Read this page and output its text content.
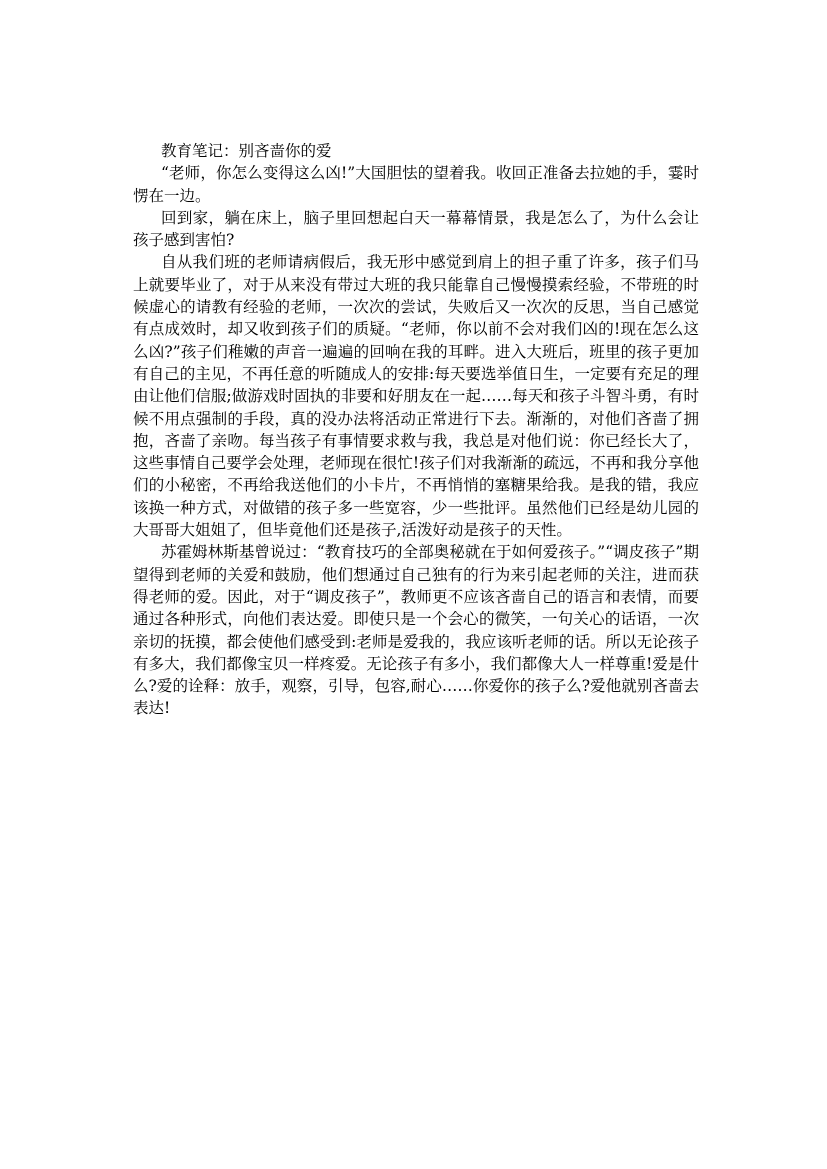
教育笔记：别吝啬你的爱

“老师，你怎么变得这么凶!”大国胆怯的望着我。收回正准备去拉她的手，霎时愣在一边。

回到家，躺在床上，脑子里回想起白天一幕幕情景，我是怎么了，为什么会让孩子感到害怕?

自从我们班的老师请病假后，我无形中感觉到肩上的担子重了许多，孩子们马上就要毕业了，对于从来没有带过大班的我只能靠自己慢慢摸索经验，不带班的时候虚心的请教有经验的老师，一次次的尝试，失败后又一次次的反思，当自己感觉有点成效时，却又收到孩子们的质疑。“老师，你以前不会对我们凶的!现在怎么这么凶?”孩子们稚嫩的声音一遍遍的回响在我的耳畔。进入大班后，班里的孩子更加有自己的主见，不再任意的听随成人的安排:每天要选举值日生，一定要有充足的理由让他们信服;做游戏时固执的非要和好朋友在一起……每天和孩子斗智斗勇，有时候不用点强制的手段，真的没办法将活动正常进行下去。渐渐的，对他们吝啬了拥抱，吝啬了亲吻。每当孩子有事情要求救与我，我总是对他们说：你已经长大了，这些事情自己要学会处理，老师现在很忙!孩子们对我渐渐的疏远，不再和我分享他们的小秘密，不再给我送他们的小卡片，不再悄悄的塞糖果给我。是我的错，我应该换一种方式，对做错的孩子多一些宽容，少一些批评。虽然他们已经是幼儿园的大哥哥大姐姐了，但毕竟他们还是孩子,活泼好动是孩子的天性。

苏霍姆林斯基曾说过：“教育技巧的全部奥秘就在于如何爱孩子。”“调皮孩子”期望得到老师的关爱和鼓励，他们想通过自己独有的行为来引起老师的关注，进而获得老师的爱。因此，对于“调皮孩子”，教师更不应该吝啬自己的语言和表情，而要通过各种形式，向他们表达爱。即使只是一个会心的微笑，一句关心的话语，一次亲切的抚摸，都会使他们感受到:老师是爱我的，我应该听老师的话。所以无论孩子有多大，我们都像宝贝一样疼爱。无论孩子有多小，我们都像大人一样尊重!爱是什么?爱的诠释：放手，观察，引导，包容,耐心……你爱你的孩子么?爱他就别吝啬去表达!
